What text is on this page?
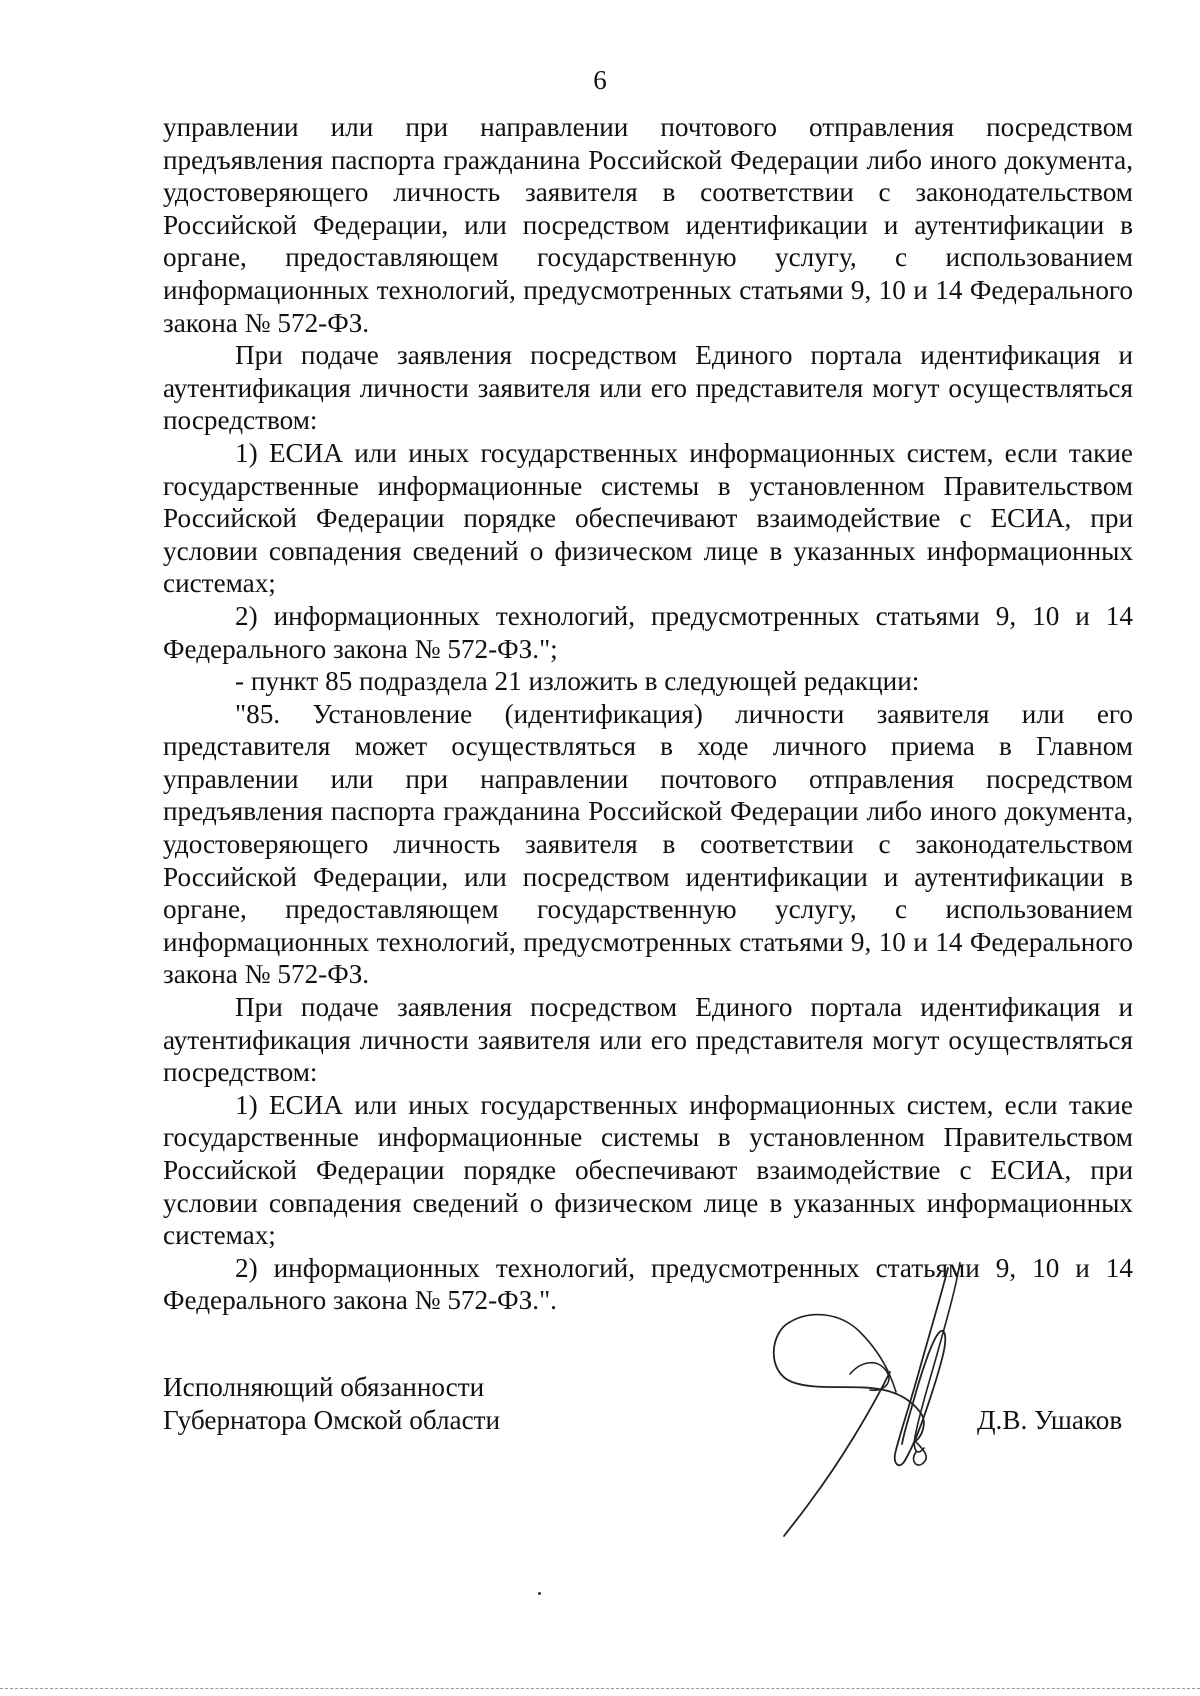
6

управлении или при направлении почтового отправления посредством предъявления паспорта гражданина Российской Федерации либо иного документа, удостоверяющего личность заявителя в соответствии с законодательством Российской Федерации, или посредством идентификации и аутентификации в органе, предоставляющем государственную услугу, с использованием информационных технологий, предусмотренных статьями 9, 10 и 14 Федерального закона № 572-ФЗ.

При подаче заявления посредством Единого портала идентификация и аутентификация личности заявителя или его представителя могут осуществляться посредством:

1) ЕСИА или иных государственных информационных систем, если такие государственные информационные системы в установленном Правительством Российской Федерации порядке обеспечивают взаимодействие с ЕСИА, при условии совпадения сведений о физическом лице в указанных информационных системах;

2) информационных технологий, предусмотренных статьями 9, 10 и 14 Федерального закона № 572-ФЗ.";

- пункт 85 подраздела 21 изложить в следующей редакции:

"85. Установление (идентификация) личности заявителя или его представителя может осуществляться в ходе личного приема в Главном управлении или при направлении почтового отправления посредством предъявления паспорта гражданина Российской Федерации либо иного документа, удостоверяющего личность заявителя в соответствии с законодательством Российской Федерации, или посредством идентификации и аутентификации в органе, предоставляющем государственную услугу, с использованием информационных технологий, предусмотренных статьями 9, 10 и 14 Федерального закона № 572-ФЗ.

При подаче заявления посредством Единого портала идентификация и аутентификация личности заявителя или его представителя могут осуществляться посредством:

1) ЕСИА или иных государственных информационных систем, если такие государственные информационные системы в установленном Правительством Российской Федерации порядке обеспечивают взаимодействие с ЕСИА, при условии совпадения сведений о физическом лице в указанных информационных системах;

2) информационных технологий, предусмотренных статьями 9, 10 и 14 Федерального закона № 572-ФЗ.".

Исполняющий обязанности
Губернатора Омской области	Д.В. Ушаков
